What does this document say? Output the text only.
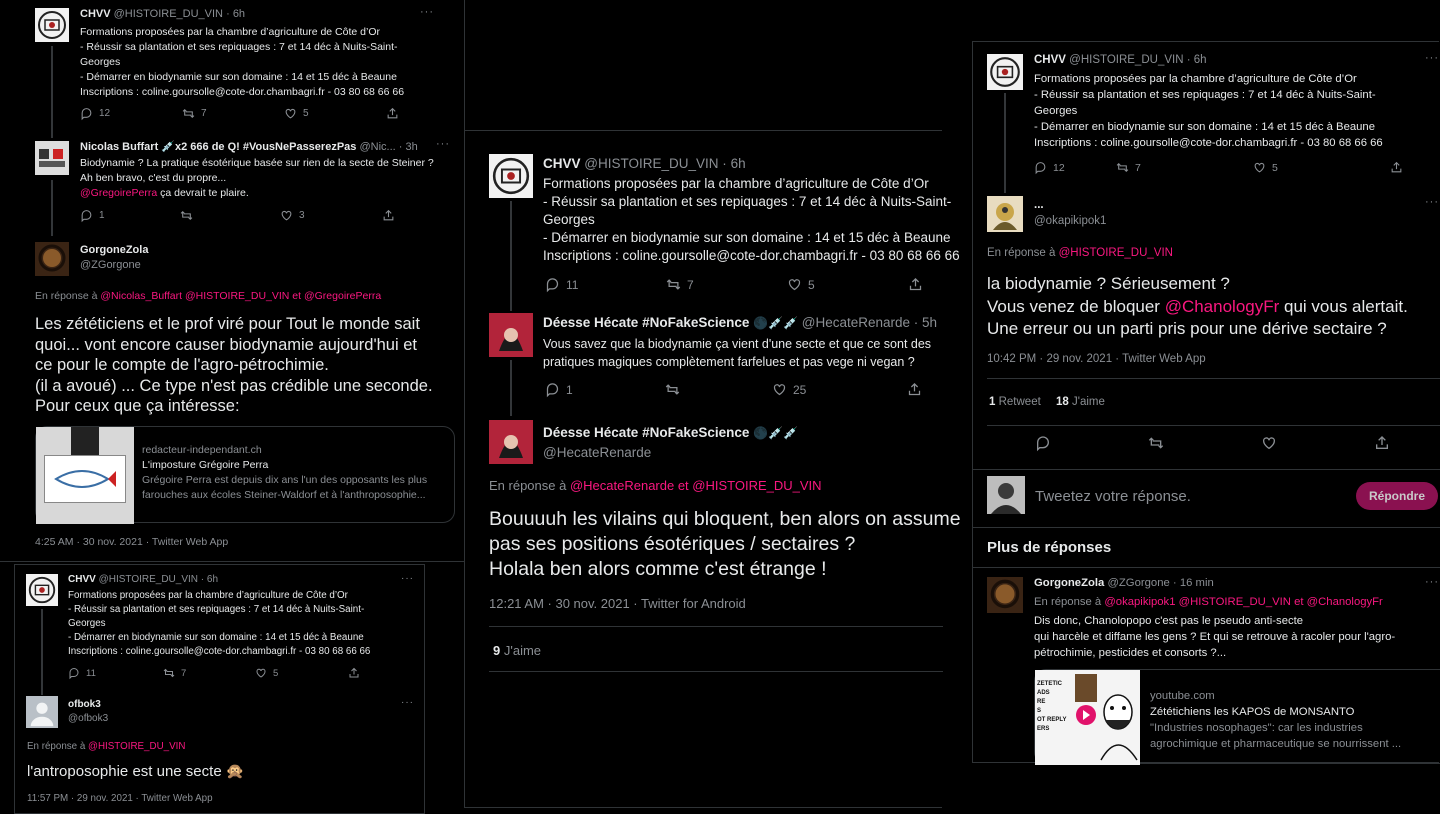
CHVV @HISTOIRE_DU_VIN · 6h	···
Formations proposées par la chambre d’agriculture de Côte d’Or
- Réussir sa plantation et ses repiquages : 7 et 14 déc à Nuits-Saint-
Georges
- Démarrer en biodynamie sur son domaine : 14 et 15 déc à Beaune
Inscriptions : coline.goursolle@cote-dor.chambagri.fr - 03 80 68 66 66
12	7	5
Nicolas Buffart 💉x2 666 de Q! #VousNePasserezPas @Nic... · 3h	···
Biodynamie ? La pratique ésotérique basée sur rien de la secte de Steiner ?
Ah ben bravo, c'est du propre...
@GregoirePerra ça devrait te plaire.
1	3
GorgoneZola
@ZGorgone
En réponse à @Nicolas_Buffart @HISTOIRE_DU_VIN et @GregoirePerra
Les zététiciens et le prof viré pour Tout le monde sait
quoi... vont encore causer biodynamie aujourd'hui et
ce pour le compte de l'agro-pétrochimie.
(il a avoué) ... Ce type n'est pas crédible une seconde.
Pour ceux que ça intéresse:
redacteur-independant.ch
L'imposture Grégoire Perra
Grégoire Perra est depuis dix ans l'un des opposants les plus
farouches aux écoles Steiner-Waldorf et à l'anthroposophie...
4:25 AM · 30 nov. 2021 · Twitter Web App
CHVV @HISTOIRE_DU_VIN · 6h	···
Formations proposées par la chambre d’agriculture de Côte d’Or
- Réussir sa plantation et ses repiquages : 7 et 14 déc à Nuits-Saint-
Georges
- Démarrer en biodynamie sur son domaine : 14 et 15 déc à Beaune
Inscriptions : coline.goursolle@cote-dor.chambagri.fr - 03 80 68 66 66
11	7	5
ofbok3
@ofbok3
···
En réponse à @HISTOIRE_DU_VIN
l'antroposophie est une secte 🙊
11:57 PM · 29 nov. 2021 · Twitter Web App
CHVV @HISTOIRE_DU_VIN · 6h
Formations proposées par la chambre d’agriculture de Côte d’Or
- Réussir sa plantation et ses repiquages : 7 et 14 déc à Nuits-Saint-
Georges
- Démarrer en biodynamie sur son domaine : 14 et 15 déc à Beaune
Inscriptions : coline.goursolle@cote-dor.chambagri.fr - 03 80 68 66 66
11	7	5
Déesse Hécate #NoFakeScience 🌑💉💉 @HecateRenarde · 5h
Vous savez que la biodynamie ça vient d'une secte et que ce sont des
pratiques magiques complètement farfelues et pas vege ni vegan ?
1	25
Déesse Hécate #NoFakeScience 🌑💉💉
@HecateRenarde
En réponse à @HecateRenarde et @HISTOIRE_DU_VIN
Bouuuuh les vilains qui bloquent, ben alors on assume
pas ses positions ésotériques / sectaires ?
Holala ben alors comme c'est étrange !
12:21 AM · 30 nov. 2021 · Twitter for Android
9 J'aime
CHVV @HISTOIRE_DU_VIN · 6h	···
Formations proposées par la chambre d’agriculture de Côte d’Or
- Réussir sa plantation et ses repiquages : 7 et 14 déc à Nuits-Saint-
Georges
- Démarrer en biodynamie sur son domaine : 14 et 15 déc à Beaune
Inscriptions : coline.goursolle@cote-dor.chambagri.fr - 03 80 68 66 66
12	7	5
...
@okapikipok1
···
En réponse à @HISTOIRE_DU_VIN
la biodynamie ? Sérieusement ?
Vous venez de bloquer @ChanologyFr qui vous alertait.
Une erreur ou un parti pris pour une dérive sectaire ?
10:42 PM · 29 nov. 2021 · Twitter Web App
1 Retweet 18 J'aime
Tweetez votre réponse.	Répondre
Plus de réponses
GorgoneZola @ZGorgone · 16 min	···
En réponse à @okapikipok1 @HISTOIRE_DU_VIN et @ChanologyFr
Dis donc, Chanolopopo c'est pas le pseudo anti-secte
qui harcèle et diffame les gens ? Et qui se retrouve à racoler pour l'agro-
pétrochimie, pesticides et consorts ?...
ZETETIC
ADS
RE
S
OT REPLY
ERS
youtube.com
Zététichiens les KAPOS de MONSANTO
"Industries nosophages": car les industries
agrochimique et pharmaceutique se nourrissent ...
